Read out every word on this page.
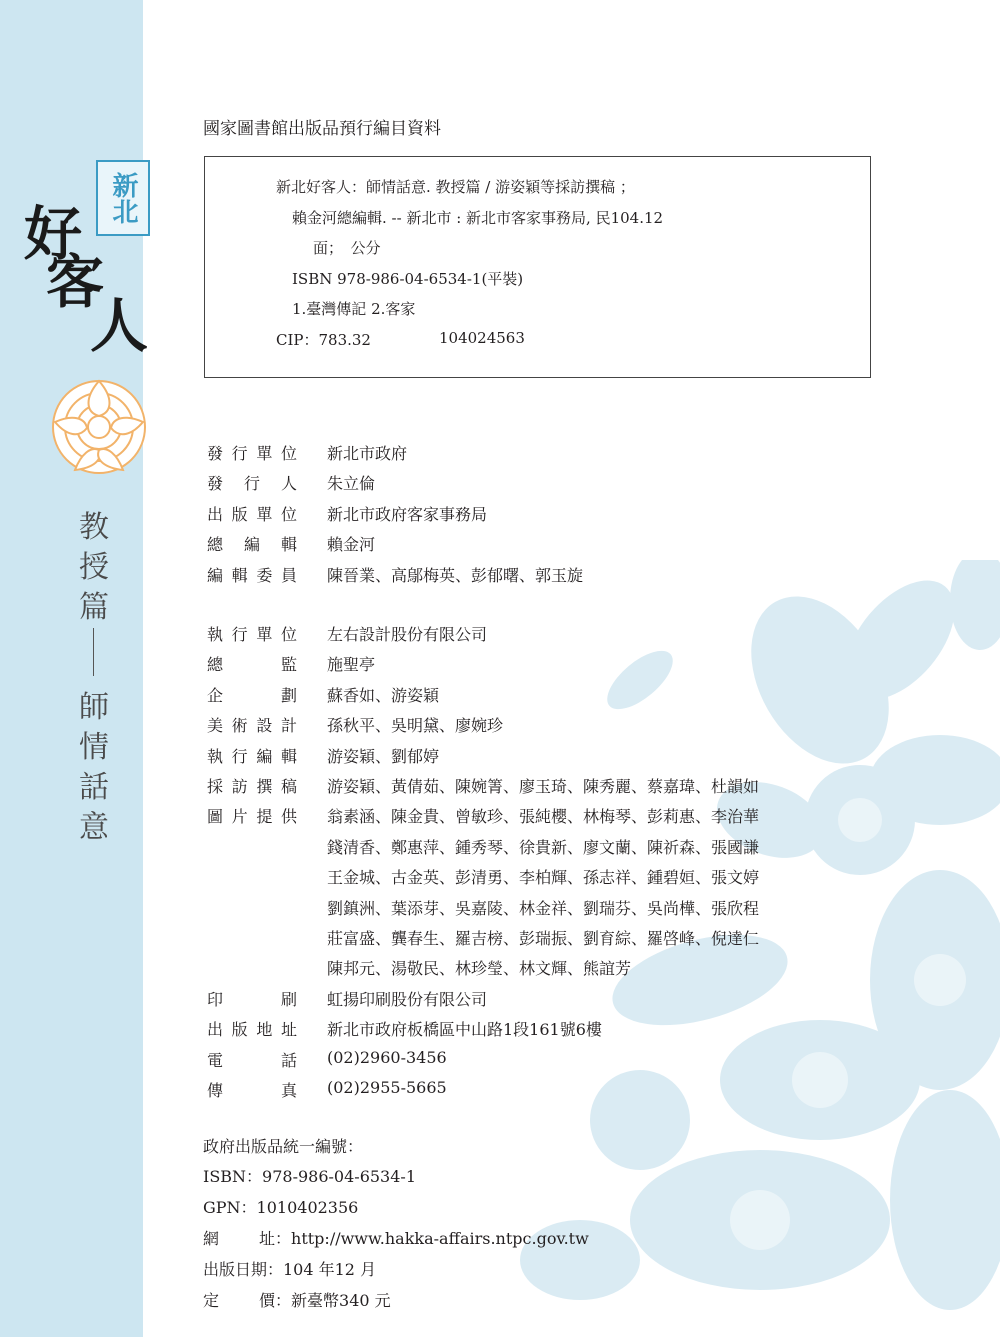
新北
好
客
人
教
授
篇
師
情
話
意
國家圖書館出版品預行編目資料
新北好客人：師情話意. 教授篇 / 游姿穎等採訪撰稿 ；
賴金河總編輯. -- 新北市 : 新北市客家事務局, 民104.12
面；　公分
ISBN 978-986-04-6534-1(平裝)
1.臺灣傳記 2.客家
CIP：783.32	104024563
發 行 單 位 新北市政府
發 行 人 朱立倫
出 版 單 位 新北市政府客家事務局
總 編 輯 賴金河
編 輯 委 員 陳晉業、高鄔梅英、彭郁曙、郭玉旋
執 行 單 位 左右設計股份有限公司
總	監 施聖亭
企	劃 蘇香如、游姿穎
美 術 設 計 孫秋平、吳明黛、廖婉珍
執 行 編 輯 游姿穎、劉郁婷
採 訪 撰 稿 游姿穎、黃倩茹、陳婉箐、廖玉琦、陳秀麗、蔡嘉瑋、杜韻如
圖 片 提 供 翁素涵、陳金貴、曾敏珍、張純櫻、林梅琴、彭莉惠、李治華
錢清香、鄭惠萍、鍾秀琴、徐貴新、廖文蘭、陳祈森、張國謙
王金城、古金英、彭清勇、李柏輝、孫志祥、鍾碧姮、張文婷
劉鎮洲、葉添芽、吳嘉陵、林金祥、劉瑞芬、吳尚樺、張欣程
莊富盛、龔春生、羅吉榜、彭瑞振、劉育綜、羅啓峰、倪達仁
陳邦元、湯敬民、林珍瑩、林文輝、熊誼芳
印	刷 虹揚印刷股份有限公司
出 版 地 址 新北市政府板橋區中山路1段161號6樓
電	話 (02)2960-3456
傳	真 (02)2955-5665
政府出版品統一編號：
ISBN：978-986-04-6534-1
GPN：1010402356
網	址：http://www.hakka-affairs.ntpc.gov.tw
出版日期：104 年12 月
定	價：新臺幣340 元
